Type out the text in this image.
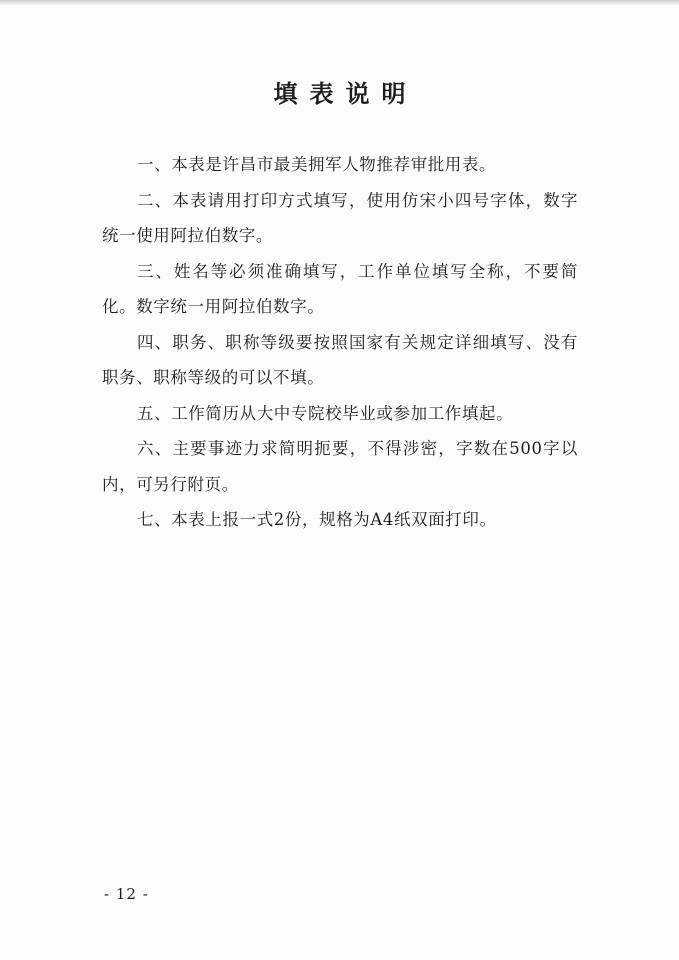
填表说明

一、本表是许昌市最美拥军人物推荐审批用表。

二、本表请用打印方式填写，使用仿宋小四号字体，数字统一使用阿拉伯数字。

三、姓名等必须准确填写，工作单位填写全称，不要简化。数字统一用阿拉伯数字。

四、职务、职称等级要按照国家有关规定详细填写、没有职务、职称等级的可以不填。

五、工作简历从大中专院校毕业或参加工作填起。

六、主要事迹力求简明扼要，不得涉密，字数在500字以内，可另行附页。

七、本表上报一式2份，规格为A4纸双面打印。

- 12 -
